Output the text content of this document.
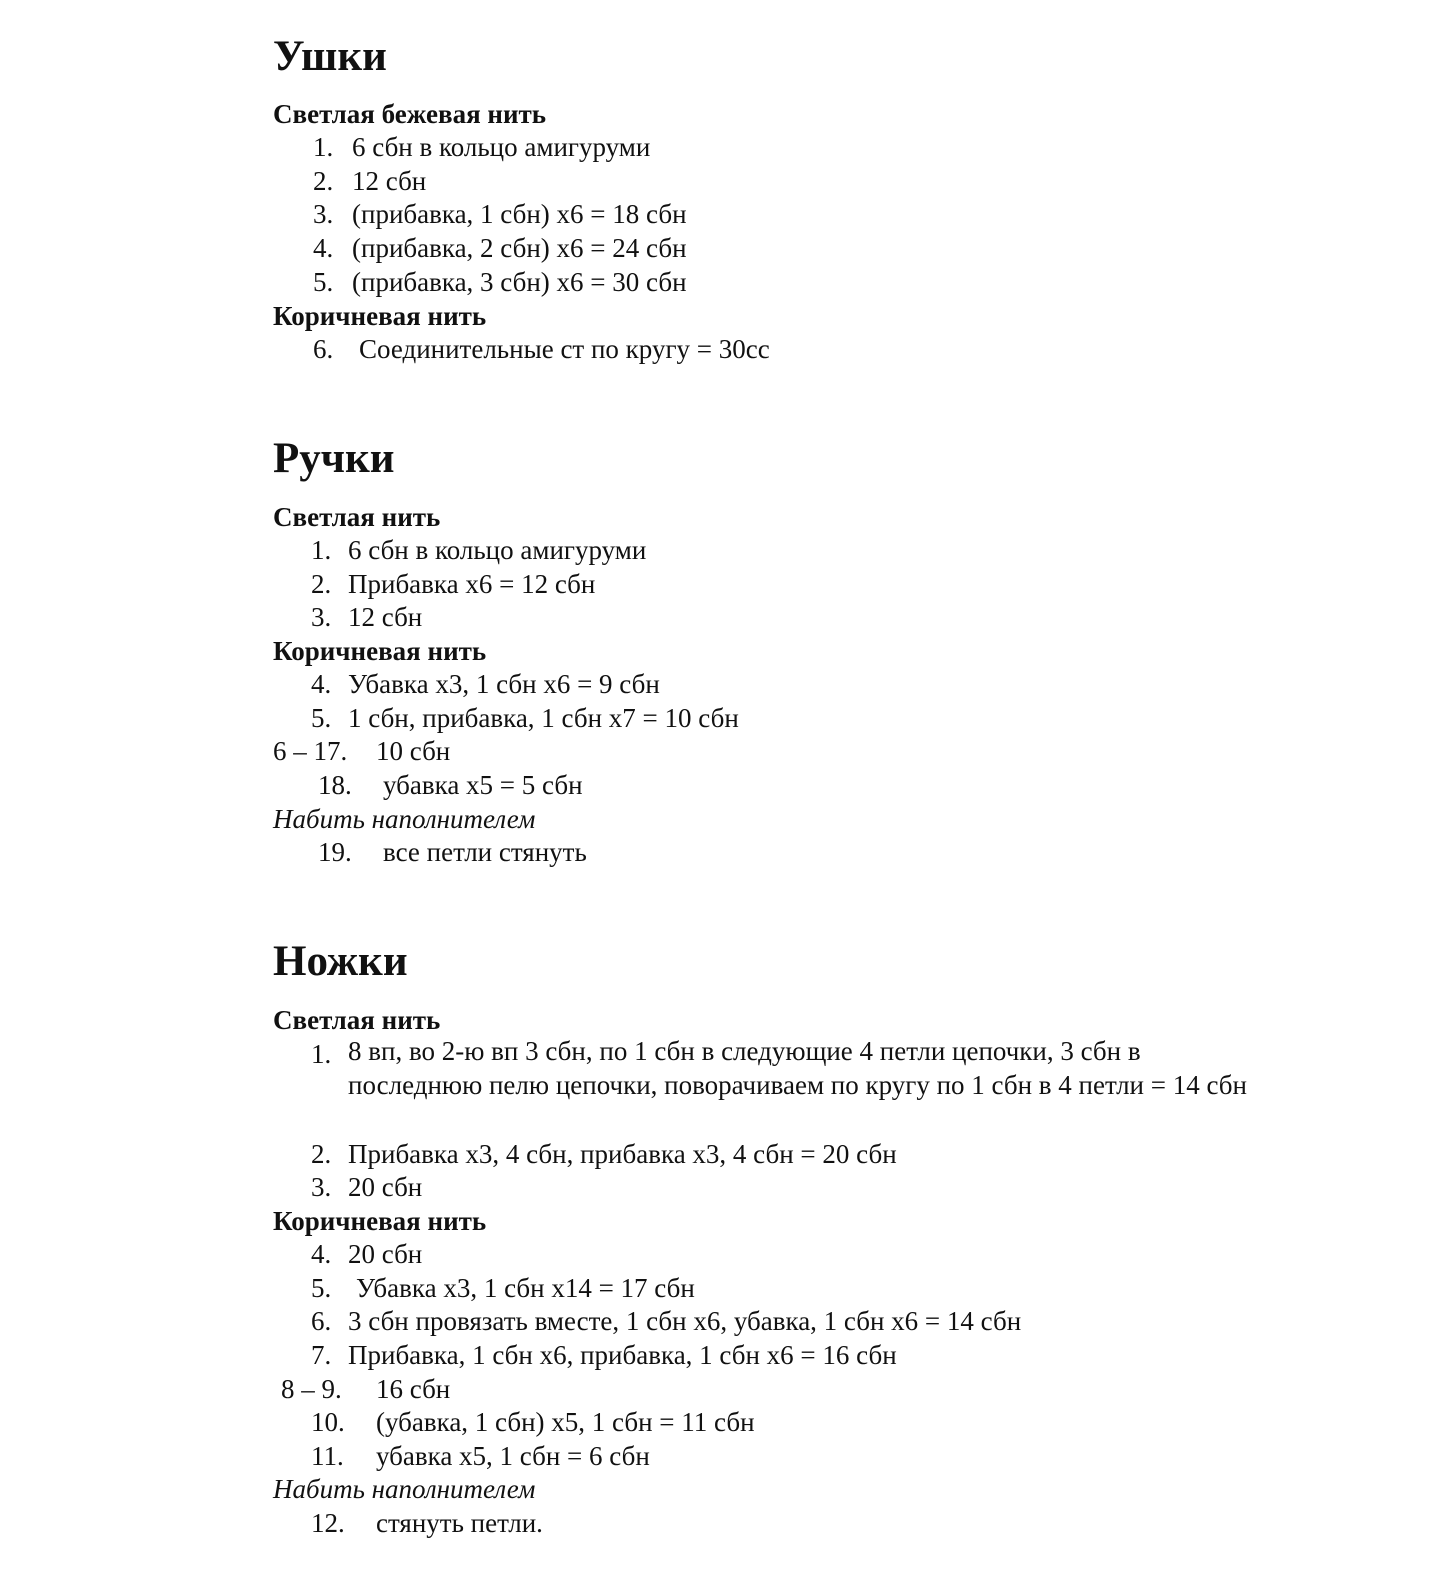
Ушки
Светлая бежевая нить
1. 6 сбн в кольцо амигуруми
2. 12 сбн
3. (прибавка, 1 сбн) х6 = 18 сбн
4. (прибавка, 2 сбн) х6 = 24 сбн
5. (прибавка, 3 сбн) х6 = 30 сбн
Коричневая нить
6. Соединительные ст по кругу = 30сс
Ручки
Светлая нить
1. 6 сбн в кольцо амигуруми
2. Прибавка х6 = 12 сбн
3. 12 сбн
Коричневая нить
4. Убавка х3, 1 сбн х6 = 9 сбн
5. 1 сбн, прибавка, 1 сбн х7 = 10 сбн
6 – 17. 10 сбн
18. убавка х5 = 5 сбн
Набить наполнителем
19. все петли стянуть
Ножки
Светлая нить
1. 8 вп, во 2-ю вп 3 сбн, по 1 сбн в следующие 4 петли цепочки, 3 сбн в последнюю пелю цепочки, поворачиваем по кругу по 1 сбн в 4 петли = 14 сбн
2. Прибавка х3, 4 сбн, прибавка х3, 4 сбн = 20 сбн
3. 20 сбн
Коричневая нить
4. 20 сбн
5. Убавка х3, 1 сбн х14 = 17 сбн
6. 3 сбн провязать вместе, 1 сбн х6, убавка, 1 сбн х6 = 14 сбн
7. Прибавка, 1 сбн х6, прибавка, 1 сбн х6 = 16 сбн
8 – 9. 16 сбн
10. (убавка, 1 сбн) х5, 1 сбн = 11 сбн
11. убавка х5, 1 сбн = 6 сбн
Набить наполнителем
12. стянуть петли.
